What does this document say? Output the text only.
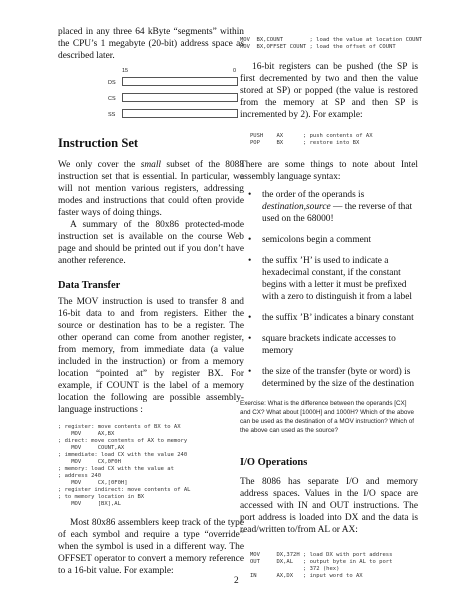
placed in any three 64 kByte “segments” within the CPU’s 1 megabyte (20-bit) address space as described later.

15	0
DS
CS
SS
Instruction Set

We only cover the small subset of the 8088 instruction set that is essential. In particular, we will not mention various registers, addressing modes and instructions that could often provide faster ways of doing things.

A summary of the 80x86 protected-mode instruction set is available on the course Web page and should be printed out if you don’t have another reference.

Data Transfer

The MOV instruction is used to transfer 8 and 16-bit data to and from registers. Either the source or destination has to be a register. The other operand can come from another register, from memory, from immediate data (a value included in the instruction) or from a memory location “pointed at” by register BX. For example, if COUNT is the label of a memory location the following are possible assembly-language instructions :

; register: move contents of BX to AX
MOV     AX,BX
; direct: move contents of AX to memory
MOV     COUNT,AX
; immediate: load CX with the value 240
MOV     CX,0F0H
; memory: load CX with the value at
; address 240
MOV     CX,[0F0H]
; register indirect: move contents of AL
; to memory location in BX
MOV     [BX],AL

Most 80x86 assemblers keep track of the type of each symbol and require a type “override” when the symbol is used in a different way. The OFFSET operator to convert a memory reference to a 16-bit value. For example:

MOV  BX,COUNT        ; load the value at location COUNT
MOV  BX,OFFSET COUNT ; load the offset of COUNT

16-bit registers can be pushed (the SP is first decremented by two and then the value stored at SP) or popped (the value is restored from the memory at SP and then SP is incremented by 2). For example:

PUSH    AX      ; push contents of AX
POP     BX      ; restore into BX

There are some things to note about Intel assembly language syntax:

• the order of the operands is destination,source — the reverse of that used on the 68000!
• semicolons begin a comment
• the suffix ’H’ is used to indicate a hexadecimal constant, if the constant begins with a letter it must be prefixed with a zero to distinguish it from a label
• the suffix ’B’ indicates a binary constant
• square brackets indicate accesses to memory
• the size of the transfer (byte or word) is determined by the size of the destination

Exercise: What is the difference between the operands [CX] and CX? What about [1000H] and 1000H? Which of the above can be used as the destination of a MOV instruction? Which of the above can used as the source?

I/O Operations

The 8086 has separate I/O and memory address spaces. Values in the I/O space are accessed with IN and OUT instructions. The port address is loaded into DX and the data is read/written to/from AL or AX:

MOV     DX,372H ; load DX with port address
OUT     DX,AL   ; output byte in AL to port
; 372 (hex)
IN      AX,DX   ; input word to AX
2
